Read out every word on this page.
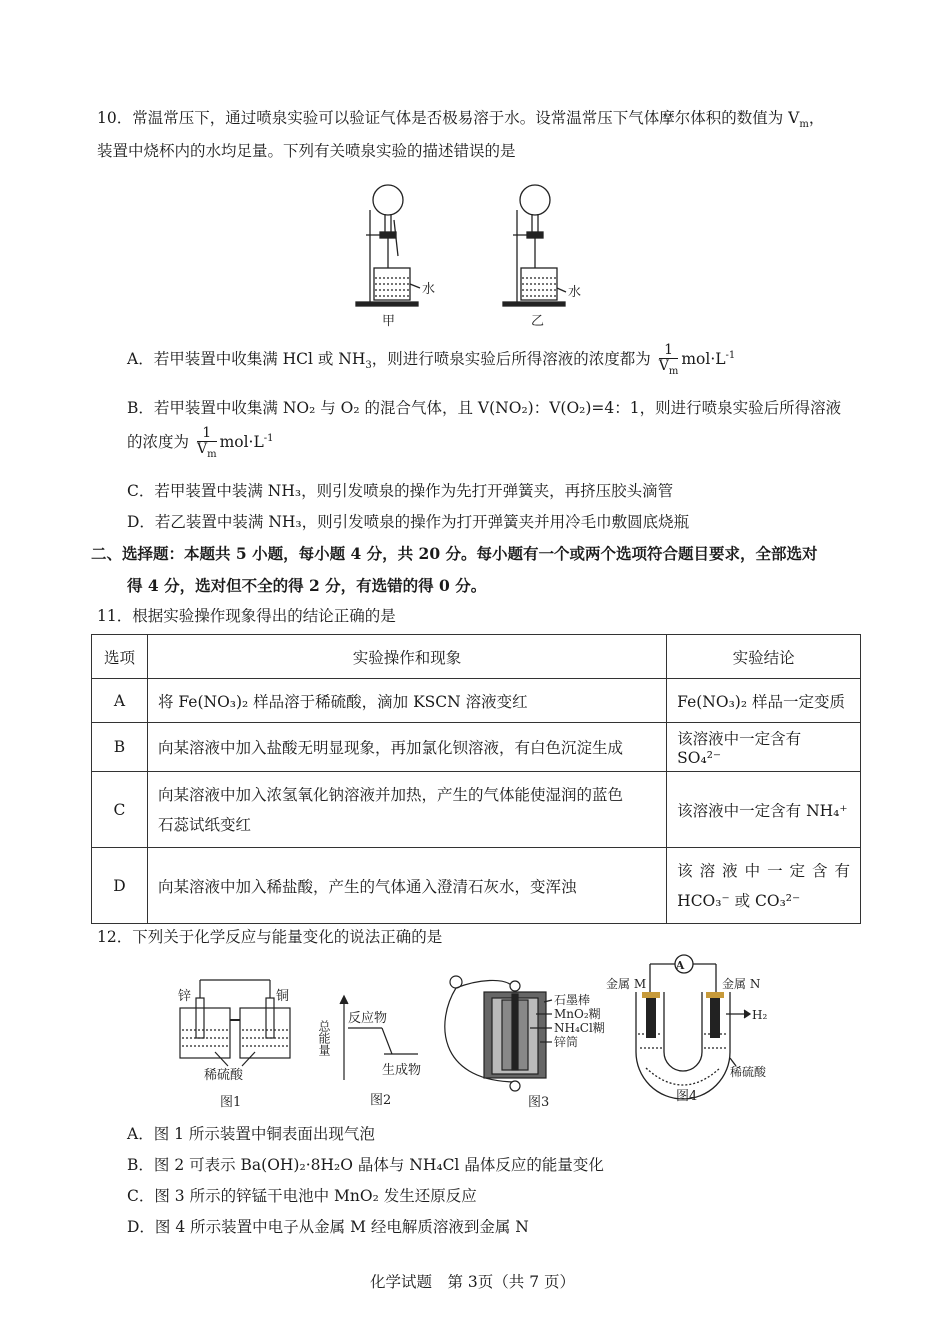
10．常温常压下，通过喷泉实验可以验证气体是否极易溶于水。设常温常压下气体摩尔体积的数值为 $V_m$，
装置中烧杯内的水均足量。下列有关喷泉实验的描述错误的是
水
甲
水
乙
A．若甲装置中收集满 HCl 或 $NH_3$，则进行喷泉实验后所得溶液的浓度都为 $\frac{1}{V_m} mol\cdot L^{-1}$
B．若甲装置中收集满 NO₂ 与 O₂ 的混合气体，且 V(NO₂)：V(O₂)=4：1，则进行喷泉实验后所得溶液
的浓度为 $\frac{1}{V_m} mol\cdot L^{-1}$
C．若甲装置中装满 NH₃，则引发喷泉的操作为先打开弹簧夹，再挤压胶头滴管
D．若乙装置中装满 NH₃，则引发喷泉的操作为打开弹簧夹并用冷毛巾敷圆底烧瓶
二、选择题：本题共 5 小题，每小题 4 分，共 20 分。每小题有一个或两个选项符合题目要求，全部选对
得 4 分，选对但不全的得 2 分，有选错的得 0 分。
11．根据实验操作现象得出的结论正确的是
选项	实验操作和现象	实验结论
A	将 Fe(NO₃)₂ 样品溶于稀硫酸，滴加 KSCN 溶液变红	Fe(NO₃)₂ 样品一定变质
B	向某溶液中加入盐酸无明显现象，再加氯化钡溶液，有白色沉淀生成	该溶液中一定含有 SO₄²⁻
C	向某溶液中加入浓氢氧化钠溶液并加热，产生的气体能使湿润的蓝色
石蕊试纸变红	该溶液中一定含有 NH₄⁺
D	向某溶液中加入稀盐酸，产生的气体通入澄清石灰水，变浑浊	该溶液中一定含有
HCO₃⁻ 或 CO₃²⁻
12．下列关于化学反应与能量变化的说法正确的是
锌	铜
稀硫酸
图1
总能量
反应物
生成物
图2
石墨棒
MnO₂糊
NH₄Cl糊
锌筒
图3
A
金属 M	金属 N
H₂
稀硫酸
图4
A．图 1 所示装置中铜表面出现气泡
B．图 2 可表示 Ba(OH)₂·8H₂O 晶体与 NH₄Cl 晶体反应的能量变化
C．图 3 所示的锌锰干电池中 MnO₂ 发生还原反应
D．图 4 所示装置中电子从金属 M 经电解质溶液到金属 N
化学试题　第 3页（共 7 页）
